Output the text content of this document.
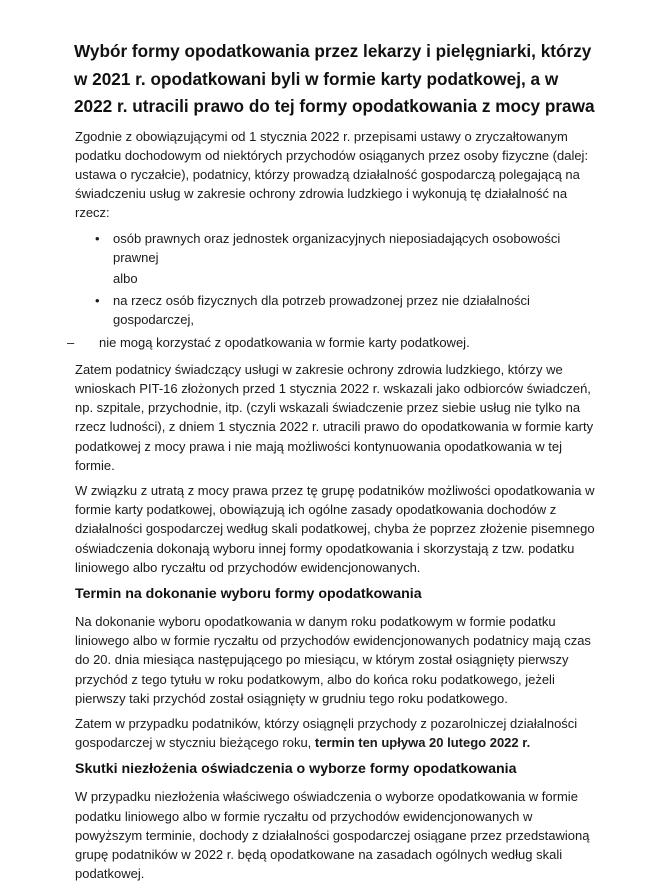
Wybór formy opodatkowania przez lekarzy i pielęgniarki, którzy w 2021 r. opodatkowani byli w formie karty podatkowej, a w 2022 r. utracili prawo do tej formy opodatkowania z mocy prawa

Zgodnie z obowiązującymi od 1 stycznia 2022 r. przepisami ustawy o zryczałtowanym podatku dochodowym od niektórych przychodów osiąganych przez osoby fizyczne (dalej: ustawa o ryczałcie), podatnicy, którzy prowadzą działalność gospodarczą polegającą na świadczeniu usług w zakresie ochrony zdrowia ludzkiego i wykonują tę działalność na rzecz:

• osób prawnych oraz jednostek organizacyjnych nieposiadających osobowości prawnej
albo
• na rzecz osób fizycznych dla potrzeb prowadzonej przez nie działalności gospodarczej,

– nie mogą korzystać z opodatkowania w formie karty podatkowej.

Zatem podatnicy świadczący usługi w zakresie ochrony zdrowia ludzkiego, którzy we wnioskach PIT-16 złożonych przed 1 stycznia 2022 r. wskazali jako odbiorców świadczeń, np. szpitale, przychodnie, itp. (czyli wskazali świadczenie przez siebie usług nie tylko na rzecz ludności), z dniem 1 stycznia 2022 r. utracili prawo do opodatkowania w formie karty podatkowej z mocy prawa i nie mają możliwości kontynuowania opodatkowania w tej formie.

W związku z utratą z mocy prawa przez tę grupę podatników możliwości opodatkowania w formie karty podatkowej, obowiązują ich ogólne zasady opodatkowania dochodów z działalności gospodarczej według skali podatkowej, chyba że poprzez złożenie pisemnego oświadczenia dokonają wyboru innej formy opodatkowania i skorzystają z tzw. podatku liniowego albo ryczałtu od przychodów ewidencjonowanych.

Termin na dokonanie wyboru formy opodatkowania

Na dokonanie wyboru opodatkowania w danym roku podatkowym w formie podatku liniowego albo w formie ryczałtu od przychodów ewidencjonowanych podatnicy mają czas do 20. dnia miesiąca następującego po miesiącu, w którym został osiągnięty pierwszy przychód z tego tytułu w roku podatkowym, albo do końca roku podatkowego, jeżeli pierwszy taki przychód został osiągnięty w grudniu tego roku podatkowego.

Zatem w przypadku podatników, którzy osiągnęli przychody z pozarolniczej działalności gospodarczej w styczniu bieżącego roku, termin ten upływa 20 lutego 2022 r.

Skutki niezłożenia oświadczenia o wyborze formy opodatkowania

W przypadku niezłożenia właściwego oświadczenia o wyborze opodatkowania w formie podatku liniowego albo w formie ryczałtu od przychodów ewidencjonowanych w powyższym terminie, dochody z działalności gospodarczej osiągane przez przedstawioną grupę podatników w 2022 r. będą opodatkowane na zasadach ogólnych według skali podatkowej.
